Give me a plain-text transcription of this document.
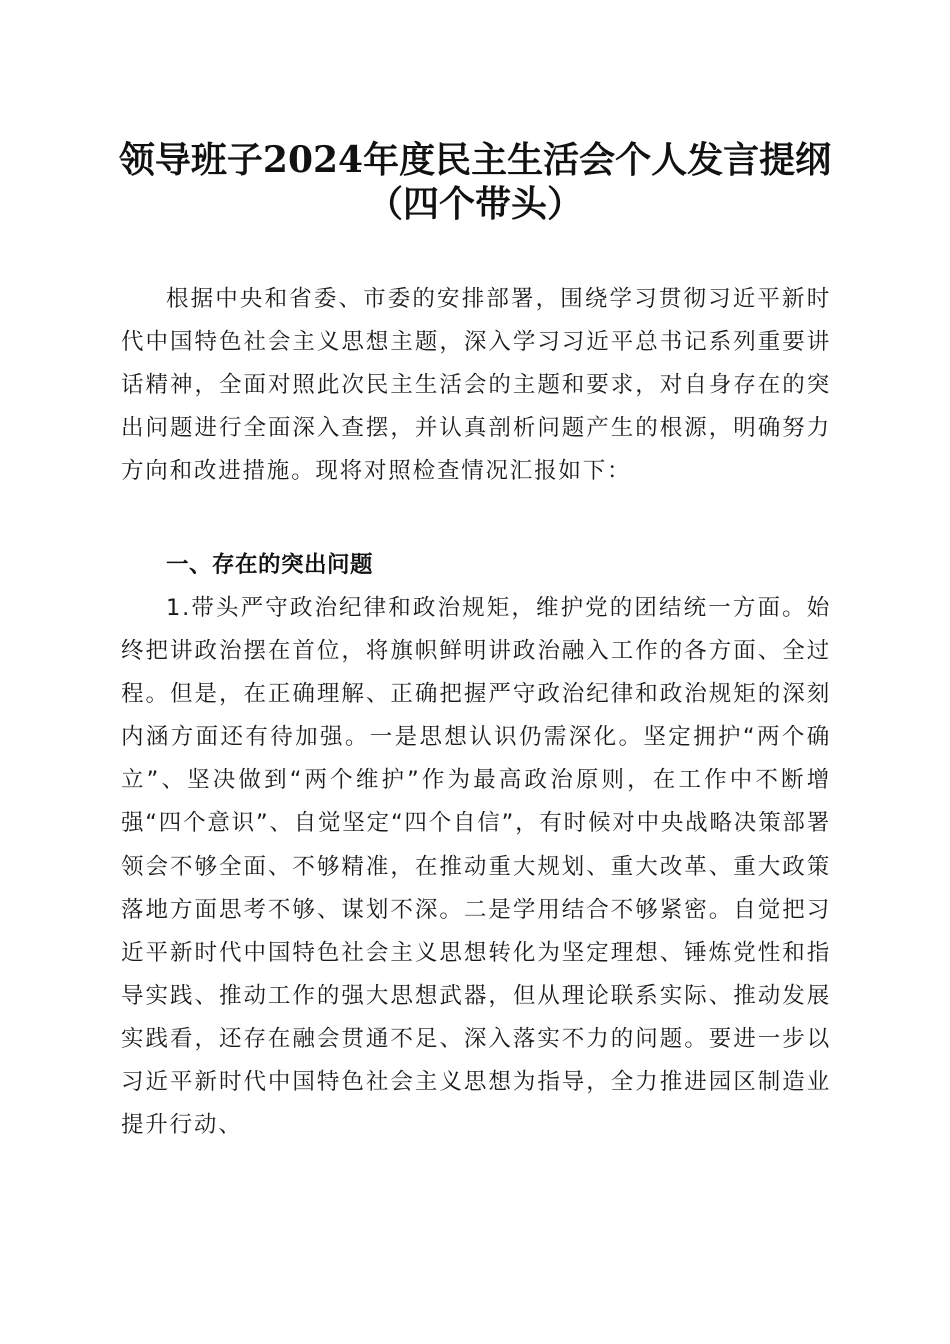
领导班子2024年度民主生活会个人发言提纲
（四个带头）

根据中央和省委、市委的安排部署，围绕学习贯彻习近平新时代中国特色社会主义思想主题，深入学习习近平总书记系列重要讲话精神，全面对照此次民主生活会的主题和要求，对自身存在的突出问题进行全面深入查摆，并认真剖析问题产生的根源，明确努力方向和改进措施。现将对照检查情况汇报如下：

一、存在的突出问题

1.带头严守政治纪律和政治规矩，维护党的团结统一方面。始终把讲政治摆在首位，将旗帜鲜明讲政治融入工作的各方面、全过程。但是，在正确理解、正确把握严守政治纪律和政治规矩的深刻内涵方面还有待加强。一是思想认识仍需深化。坚定拥护“两个确立”、坚决做到“两个维护”作为最高政治原则，在工作中不断增强“四个意识”、自觉坚定“四个自信”，有时候对中央战略决策部署领会不够全面、不够精准，在推动重大规划、重大改革、重大政策落地方面思考不够、谋划不深。二是学用结合不够紧密。自觉把习近平新时代中国特色社会主义思想转化为坚定理想、锤炼党性和指导实践、推动工作的强大思想武器，但从理论联系实际、推动发展实践看，还存在融会贯通不足、深入落实不力的问题。要进一步以习近平新时代中国特色社会主义思想为指导，全力推进园区制造业提升行动、
